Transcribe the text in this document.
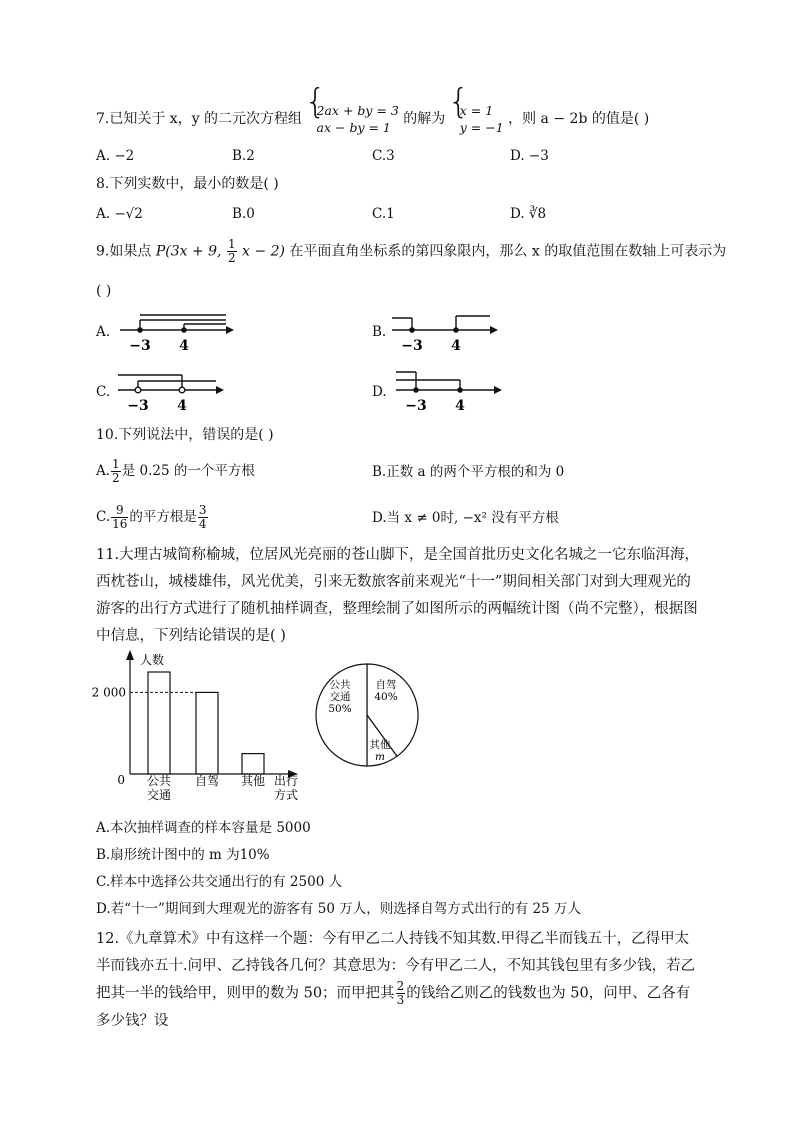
7.已知关于 x，y 的二元次方程组
{ 2ax + by = 3
ax − by = 1
的解为
{ x = 1
y = −1
，则 a − 2b 的值是( )
A. −2	B.2	C.3	D. −3
8.下列实数中，最小的数是( )
A. −√2	B.0	C.1	D. ∛8
9.如果点 P(3x + 9, $\frac{1}{2}$ x − 2) 在平面直角坐标系的第四象限内，那么 x 的取值范围在数轴上可表示为
( )
A.
−3 4
B.
−3 4
C.
−3 4
D.
−3 4
10.下列说法中，错误的是( )
A. $\frac{1}{2}$ 是 0.25 的一个平方根	B.正数 a 的两个平方根的和为 0
C. $\frac{9}{16}$ 的平方根是 $\frac{3}{4}$	D.当 x ≠ 0时, −x² 没有平方根
11.大理古城简称榆城，位居风光亮丽的苍山脚下，是全国首批历史文化名城之一它东临洱海，西枕苍山，城楼雄伟，风光优美，引来无数旅客前来观光“十一”期间相关部门对到大理观光的游客的出行方式进行了随机抽样调查，整理绘制了如图所示的两幅统计图（尚不完整），根据图中信息，下列结论错误的是( )
人数
0
2 000
出行
方式
公共
交通
自驾 其他
公共
交通
50%
自驾
40%
其他
m
A.本次抽样调查的样本容量是 5000
B.扇形统计图中的 m 为10%
C.样本中选择公共交通出行的有 2500 人
D.若“十一”期间到大理观光的游客有 50 万人，则选择自驾方式出行的有 25 万人
12.《九章算术》中有这样一个题：今有甲乙二人持钱不知其数.甲得乙半而钱五十，乙得甲太半而钱亦五十.问甲、乙持钱各几何？其意思为：今有甲乙二人，不知其钱包里有多少钱，若乙把其一半的钱给甲，则甲的数为 50；而甲把其 $\frac{2}{3}$ 的钱给乙则乙的钱数也为 50，问甲、乙各有多少钱？设
